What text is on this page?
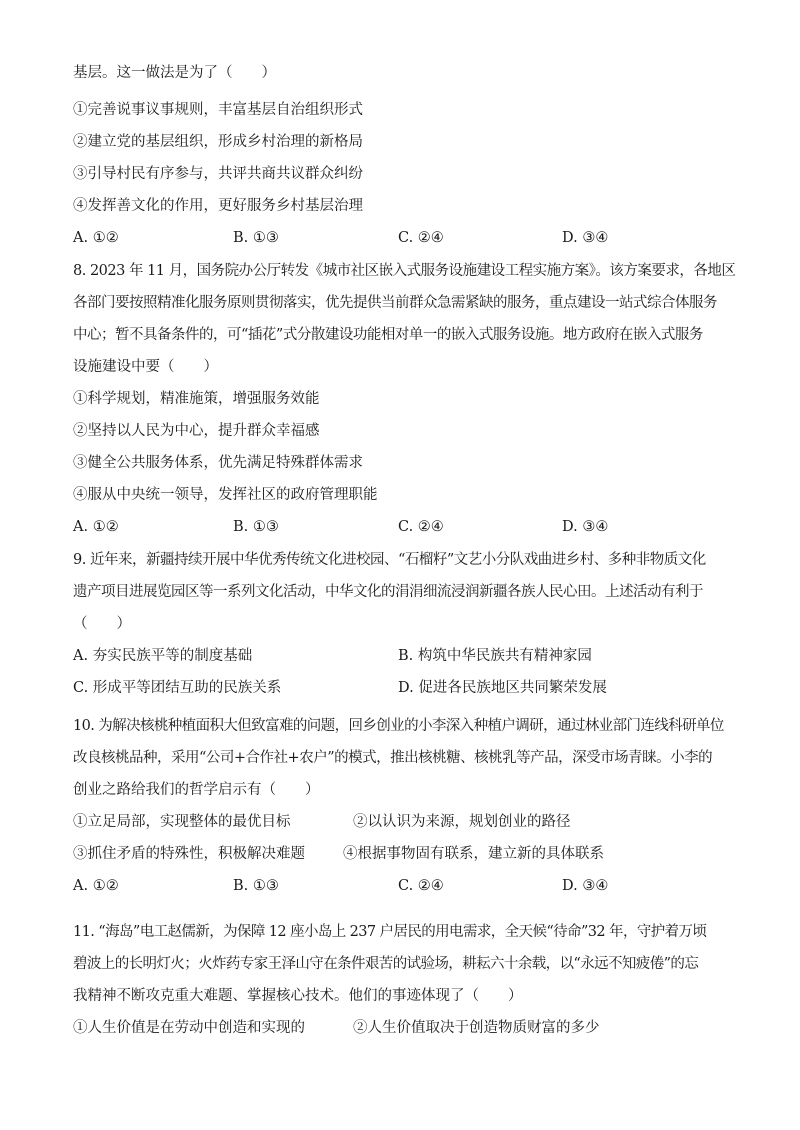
基层。这一做法是为了（　　）
①完善说事议事规则，丰富基层自治组织形式
②建立党的基层组织，形成乡村治理的新格局
③引导村民有序参与，共评共商共议群众纠纷
④发挥善文化的作用，更好服务乡村基层治理
A. ①②	B. ①③	C. ②④	D. ③④
8. 2023 年 11 月，国务院办公厅转发《城市社区嵌入式服务设施建设工程实施方案》。该方案要求，各地区
各部门要按照精准化服务原则贯彻落实，优先提供当前群众急需紧缺的服务，重点建设一站式综合体服务
中心；暂不具备条件的，可“插花”式分散建设功能相对单一的嵌入式服务设施。地方政府在嵌入式服务
设施建设中要（　　）
①科学规划，精准施策，增强服务效能
②坚持以人民为中心，提升群众幸福感
③健全公共服务体系，优先满足特殊群体需求
④服从中央统一领导，发挥社区的政府管理职能
A. ①②	B. ①③	C. ②④	D. ③④
9. 近年来，新疆持续开展中华优秀传统文化进校园、“石榴籽”文艺小分队戏曲进乡村、多种非物质文化
遗产项目进展览园区等一系列文化活动，中华文化的涓涓细流浸润新疆各族人民心田。上述活动有利于
（　　）
A. 夯实民族平等的制度基础	B. 构筑中华民族共有精神家园
C. 形成平等团结互助的民族关系	D. 促进各民族地区共同繁荣发展
10. 为解决核桃种植面积大但致富难的问题，回乡创业的小李深入种植户调研，通过林业部门连线科研单位
改良核桃品种，采用“公司+合作社+农户”的模式，推出核桃糖、核桃乳等产品，深受市场青睐。小李的
创业之路给我们的哲学启示有（　　）
①立足局部，实现整体的最优目标	②以认识为来源，规划创业的路径
③抓住矛盾的特殊性，积极解决难题	④根据事物固有联系，建立新的具体联系
A. ①②	B. ①③	C. ②④	D. ③④
11. “海岛”电工赵儒新，为保障 12 座小岛上 237 户居民的用电需求，全天候“待命”32 年，守护着万顷
碧波上的长明灯火；火炸药专家王泽山守在条件艰苦的试验场，耕耘六十余载，以“永远不知疲倦”的忘
我精神不断攻克重大难题、掌握核心技术。他们的事迹体现了（　　）
①人生价值是在劳动中创造和实现的	②人生价值取决于创造物质财富的多少
